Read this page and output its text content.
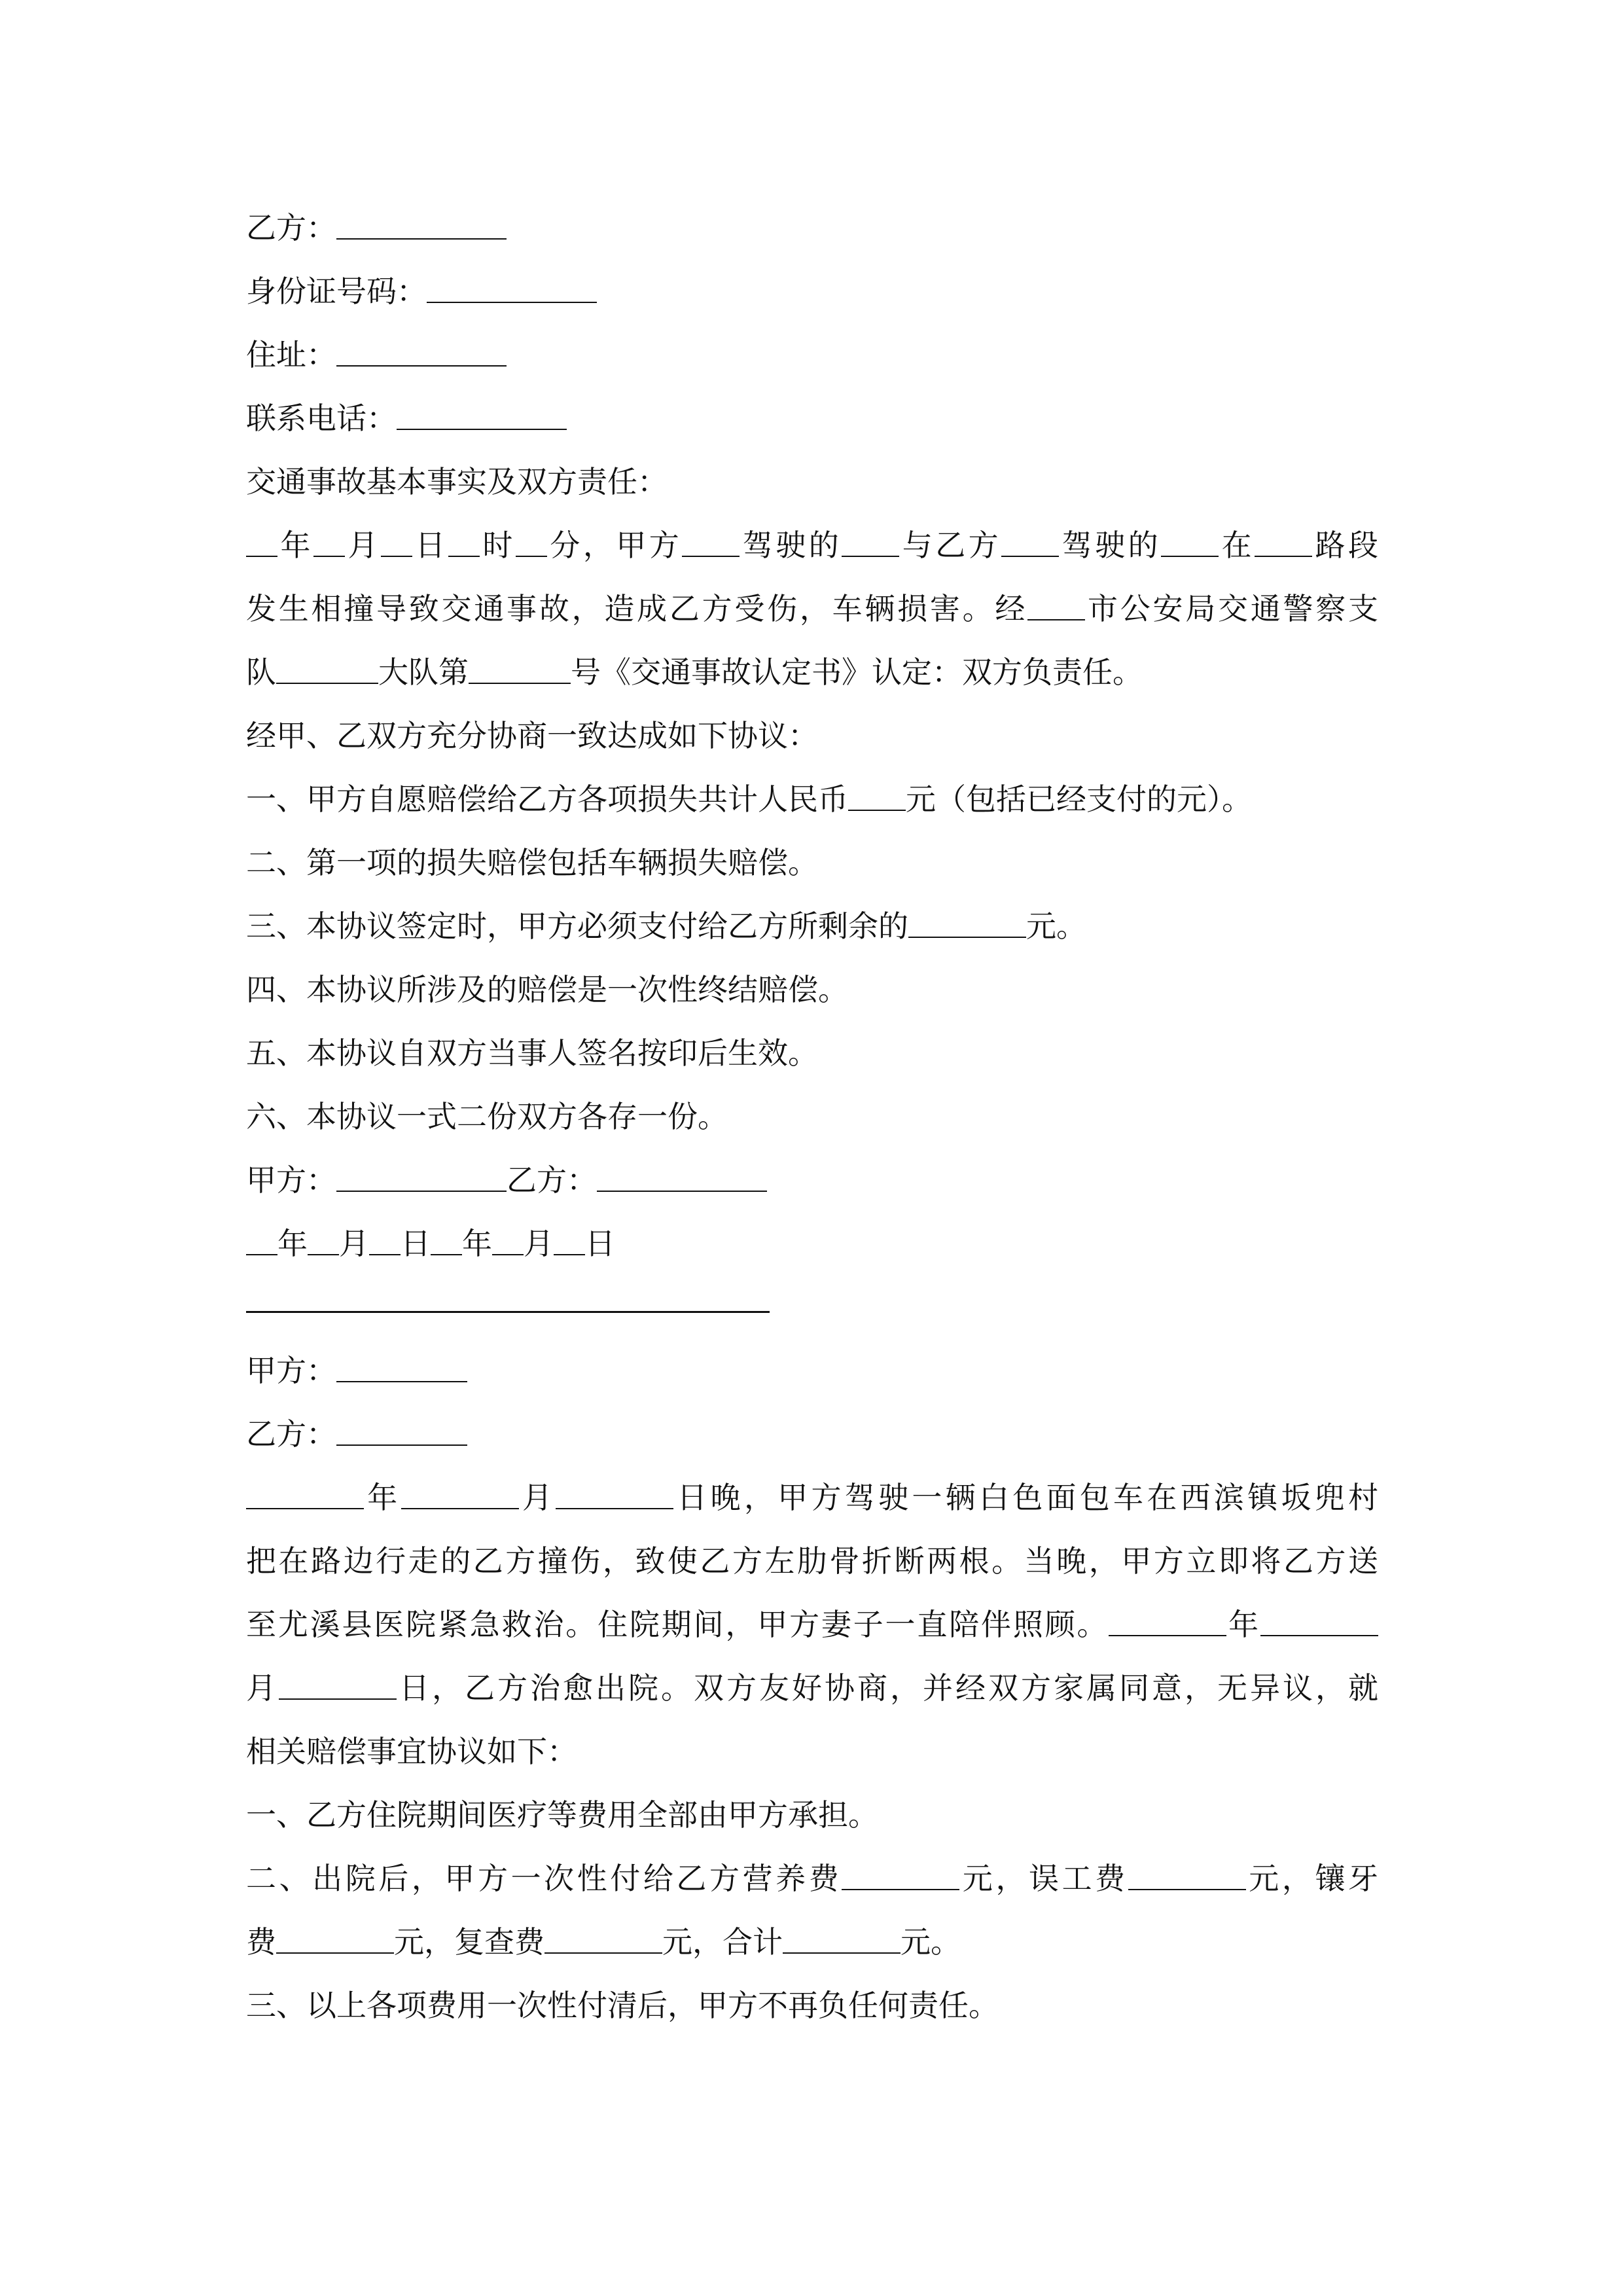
乙方：
身份证号码：
住址：
联系电话：
交通事故基本事实及双方责任：
年 月 日 时 分，甲方 驾驶的 与乙方 驾驶的 在 路段
发生相撞导致交通事故，造成乙方受伤，车辆损害。经 市公安局交通警察支
队	大队第	号《交通事故认定书》认定：双方负责任。
经甲、乙双方充分协商一致达成如下协议：
一、甲方自愿赔偿给乙方各项损失共计人民币 元（包括已经支付的元）。
二、第一项的损失赔偿包括车辆损失赔偿。
三、本协议签定时，甲方必须支付给乙方所剩余的	元。
四、本协议所涉及的赔偿是一次性终结赔偿。
五、本协议自双方当事人签名按印后生效。
六、本协议一式二份双方各存一份。
甲方：	乙方：
年 月 日 年 月 日
甲方：
乙方：
年	月	日晚，甲方驾驶一辆白色面包车在西滨镇坂兜村
把在路边行走的乙方撞伤，致使乙方左肋骨折断两根。当晚，甲方立即将乙方送
至尤溪县医院紧急救治。住院期间，甲方妻子一直陪伴照顾。	年
月	日，乙方治愈出院。双方友好协商，并经双方家属同意，无异议，就
相关赔偿事宜协议如下：
一、乙方住院期间医疗等费用全部由甲方承担。
二、出院后，甲方一次性付给乙方营养费	元，误工费	元，镶牙
费	元，复查费	元，合计	元。
三、以上各项费用一次性付清后，甲方不再负任何责任。
